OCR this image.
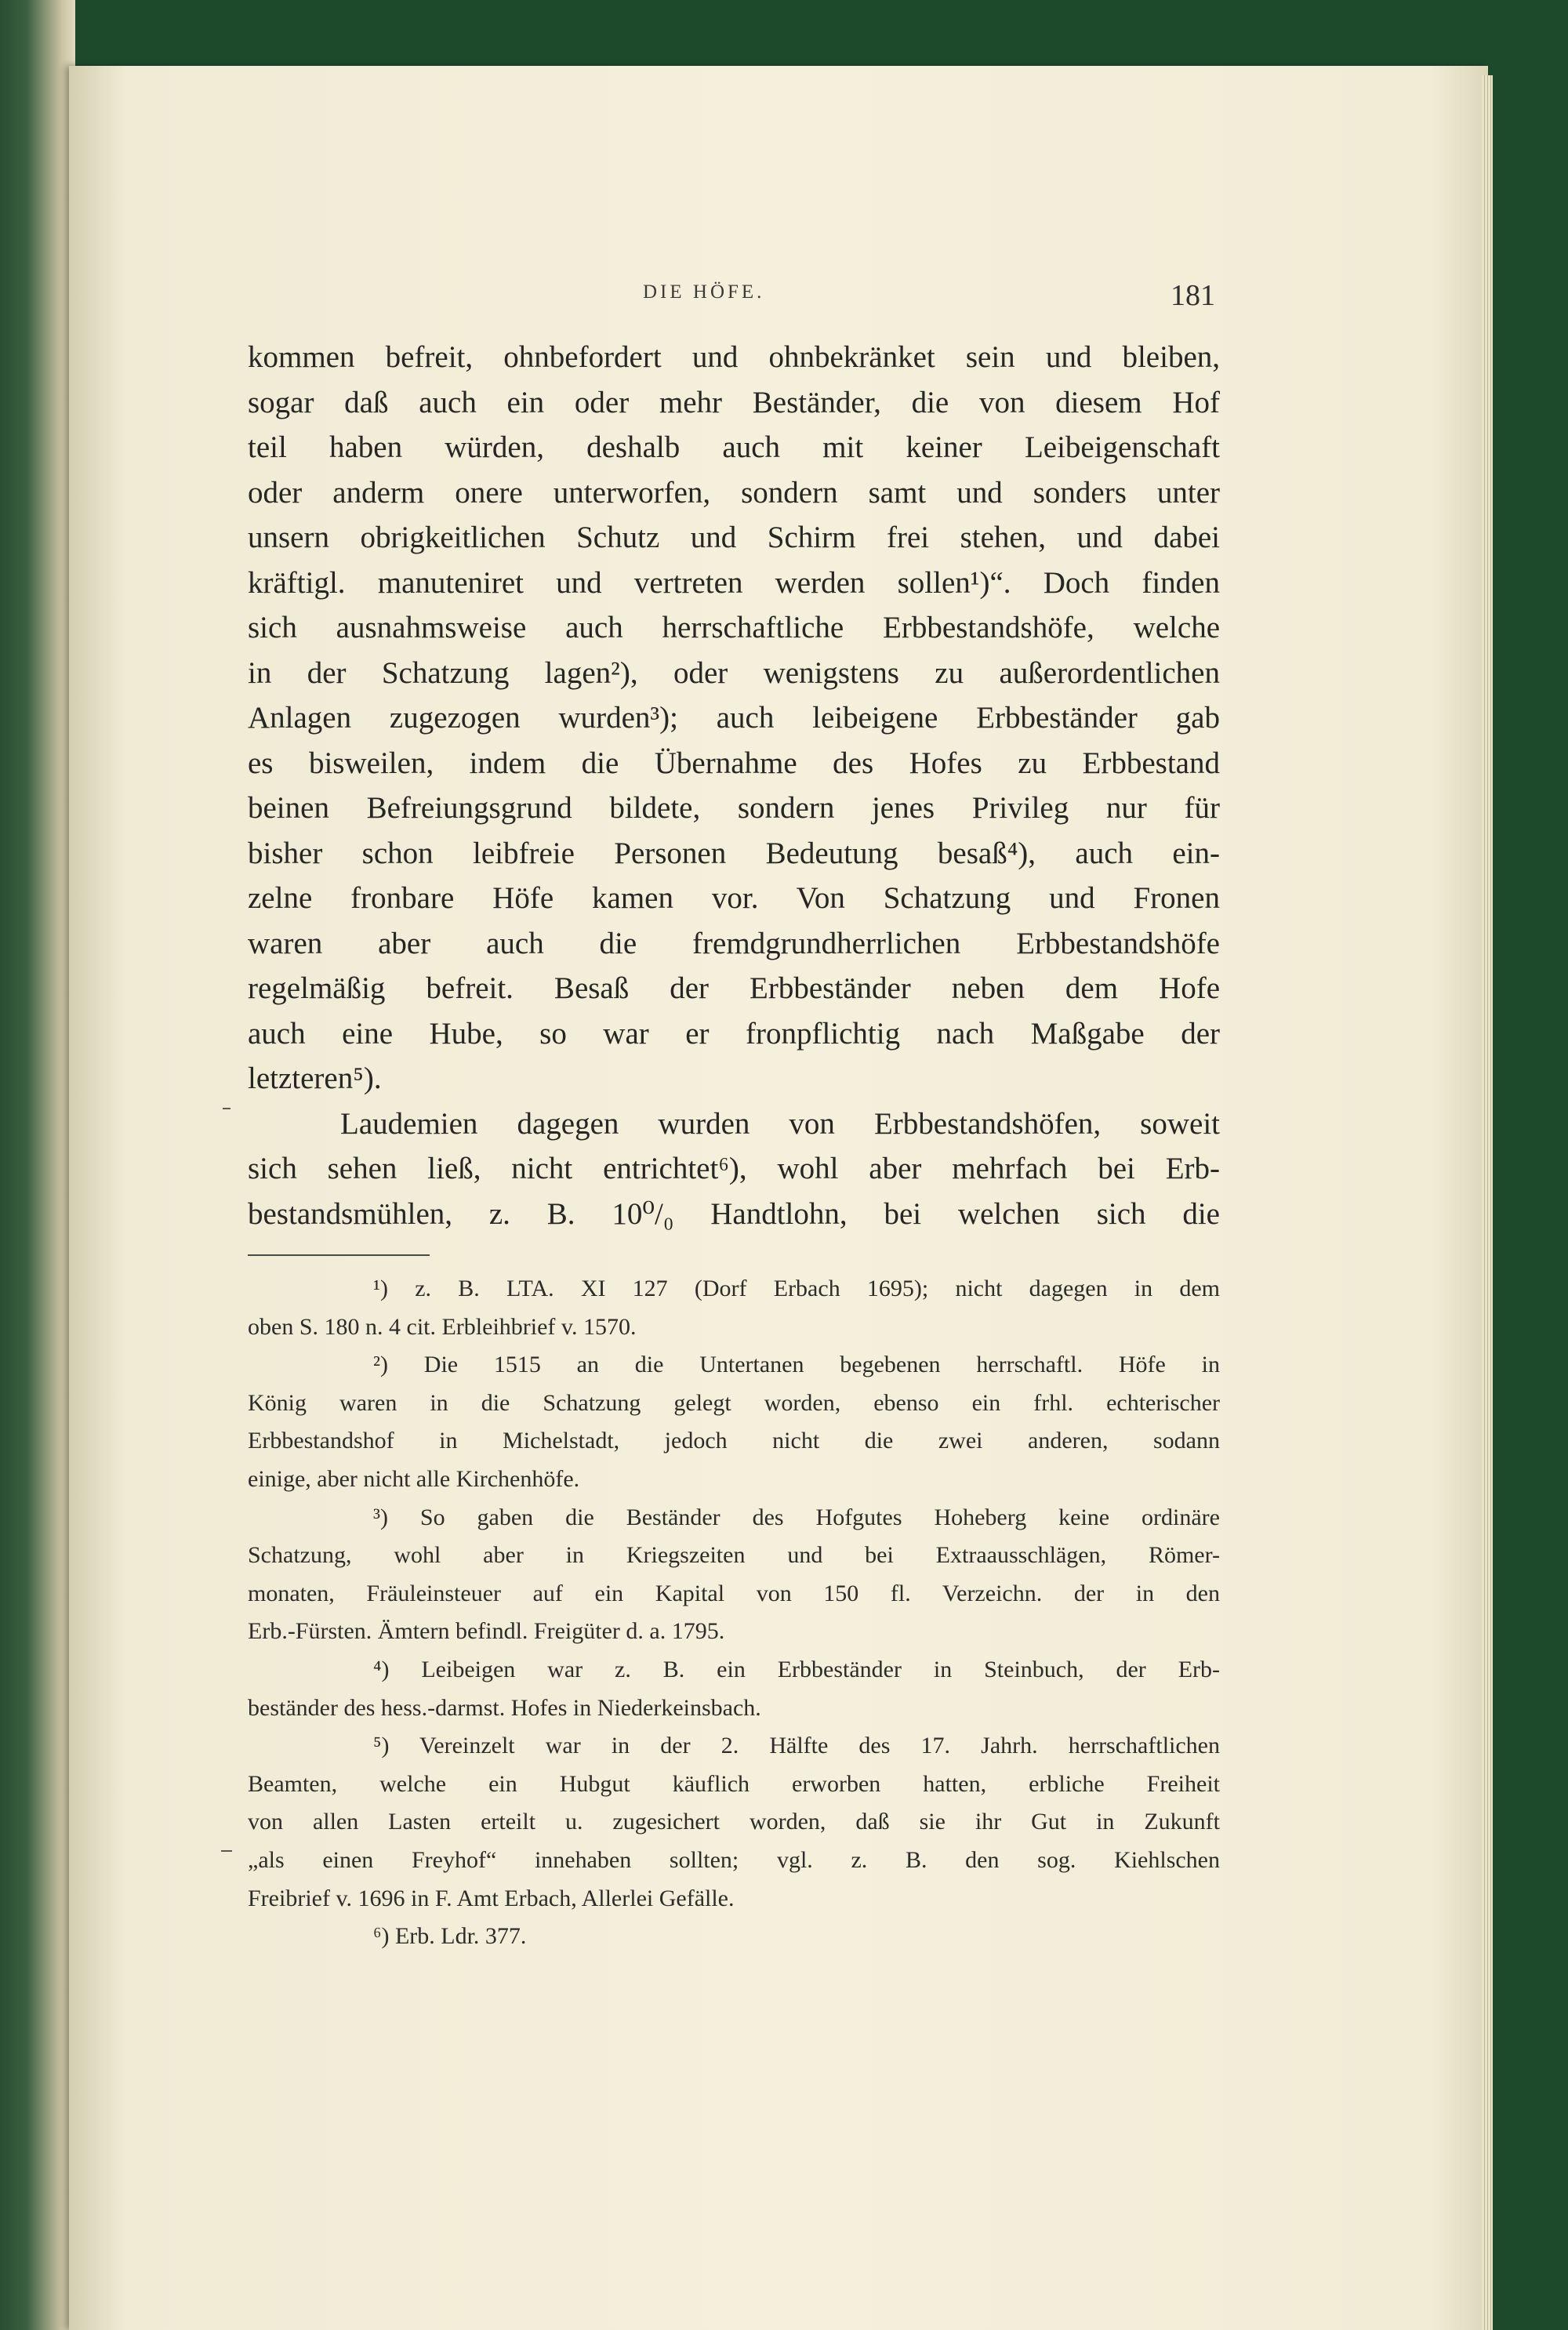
DIE HÖFE.	181

kommen befreit, ohnbefordert und ohnbekränket sein und bleiben,
sogar daß auch ein oder mehr Beständer, die von diesem Hof
teil haben würden, deshalb auch mit keiner Leibeigenschaft
oder anderm onere unterworfen, sondern samt und sonders unter
unsern obrigkeitlichen Schutz und Schirm frei stehen, und dabei
kräftigl. manuteniret und vertreten werden sollen¹)“. Doch finden
sich ausnahmsweise auch herrschaftliche Erbbestandshöfe, welche
in der Schatzung lagen²), oder wenigstens zu außerordentlichen
Anlagen zugezogen wurden³); auch leibeigene Erbbeständer gab
es bisweilen, indem die Übernahme des Hofes zu Erbbestand
beinen Befreiungsgrund bildete, sondern jenes Privileg nur für
bisher schon leibfreie Personen Bedeutung besaß⁴), auch ein-
zelne fronbare Höfe kamen vor. Von Schatzung und Fronen
waren aber auch die fremdgrundherrlichen Erbbestandshöfe
regelmäßig befreit. Besaß der Erbbeständer neben dem Hofe
auch eine Hube, so war er fronpflichtig nach Maßgabe der
letzteren⁵).

Laudemien dagegen wurden von Erbbestandshöfen, soweit
sich sehen ließ, nicht entrichtet⁶), wohl aber mehrfach bei Erb-
bestandsmühlen, z. B. 10⁰/₀ Handtlohn, bei welchen sich die

¹) z. B. LTA. XI 127 (Dorf Erbach 1695); nicht dagegen in dem
oben S. 180 n. 4 cit. Erbleihbrief v. 1570.

²) Die 1515 an die Untertanen begebenen herrschaftl. Höfe in
König waren in die Schatzung gelegt worden, ebenso ein frhl. echterischer
Erbbestandshof in Michelstadt, jedoch nicht die zwei anderen, sodann
einige, aber nicht alle Kirchenhöfe.

³) So gaben die Beständer des Hofgutes Hoheberg keine ordinäre
Schatzung, wohl aber in Kriegszeiten und bei Extraausschlägen, Römer-
monaten, Fräuleinsteuer auf ein Kapital von 150 fl. Verzeichn. der in den
Erb.-Fürsten. Ämtern befindl. Freigüter d. a. 1795.

⁴) Leibeigen war z. B. ein Erbbeständer in Steinbuch, der Erb-
beständer des hess.-darmst. Hofes in Niederkeinsbach.

⁵) Vereinzelt war in der 2. Hälfte des 17. Jahrh. herrschaftlichen
Beamten, welche ein Hubgut käuflich erworben hatten, erbliche Freiheit
von allen Lasten erteilt u. zugesichert worden, daß sie ihr Gut in Zukunft
„als einen Freyhof“ innehaben sollten; vgl. z. B. den sog. Kiehlschen
Freibrief v. 1696 in F. Amt Erbach, Allerlei Gefälle.

⁶) Erb. Ldr. 377.
